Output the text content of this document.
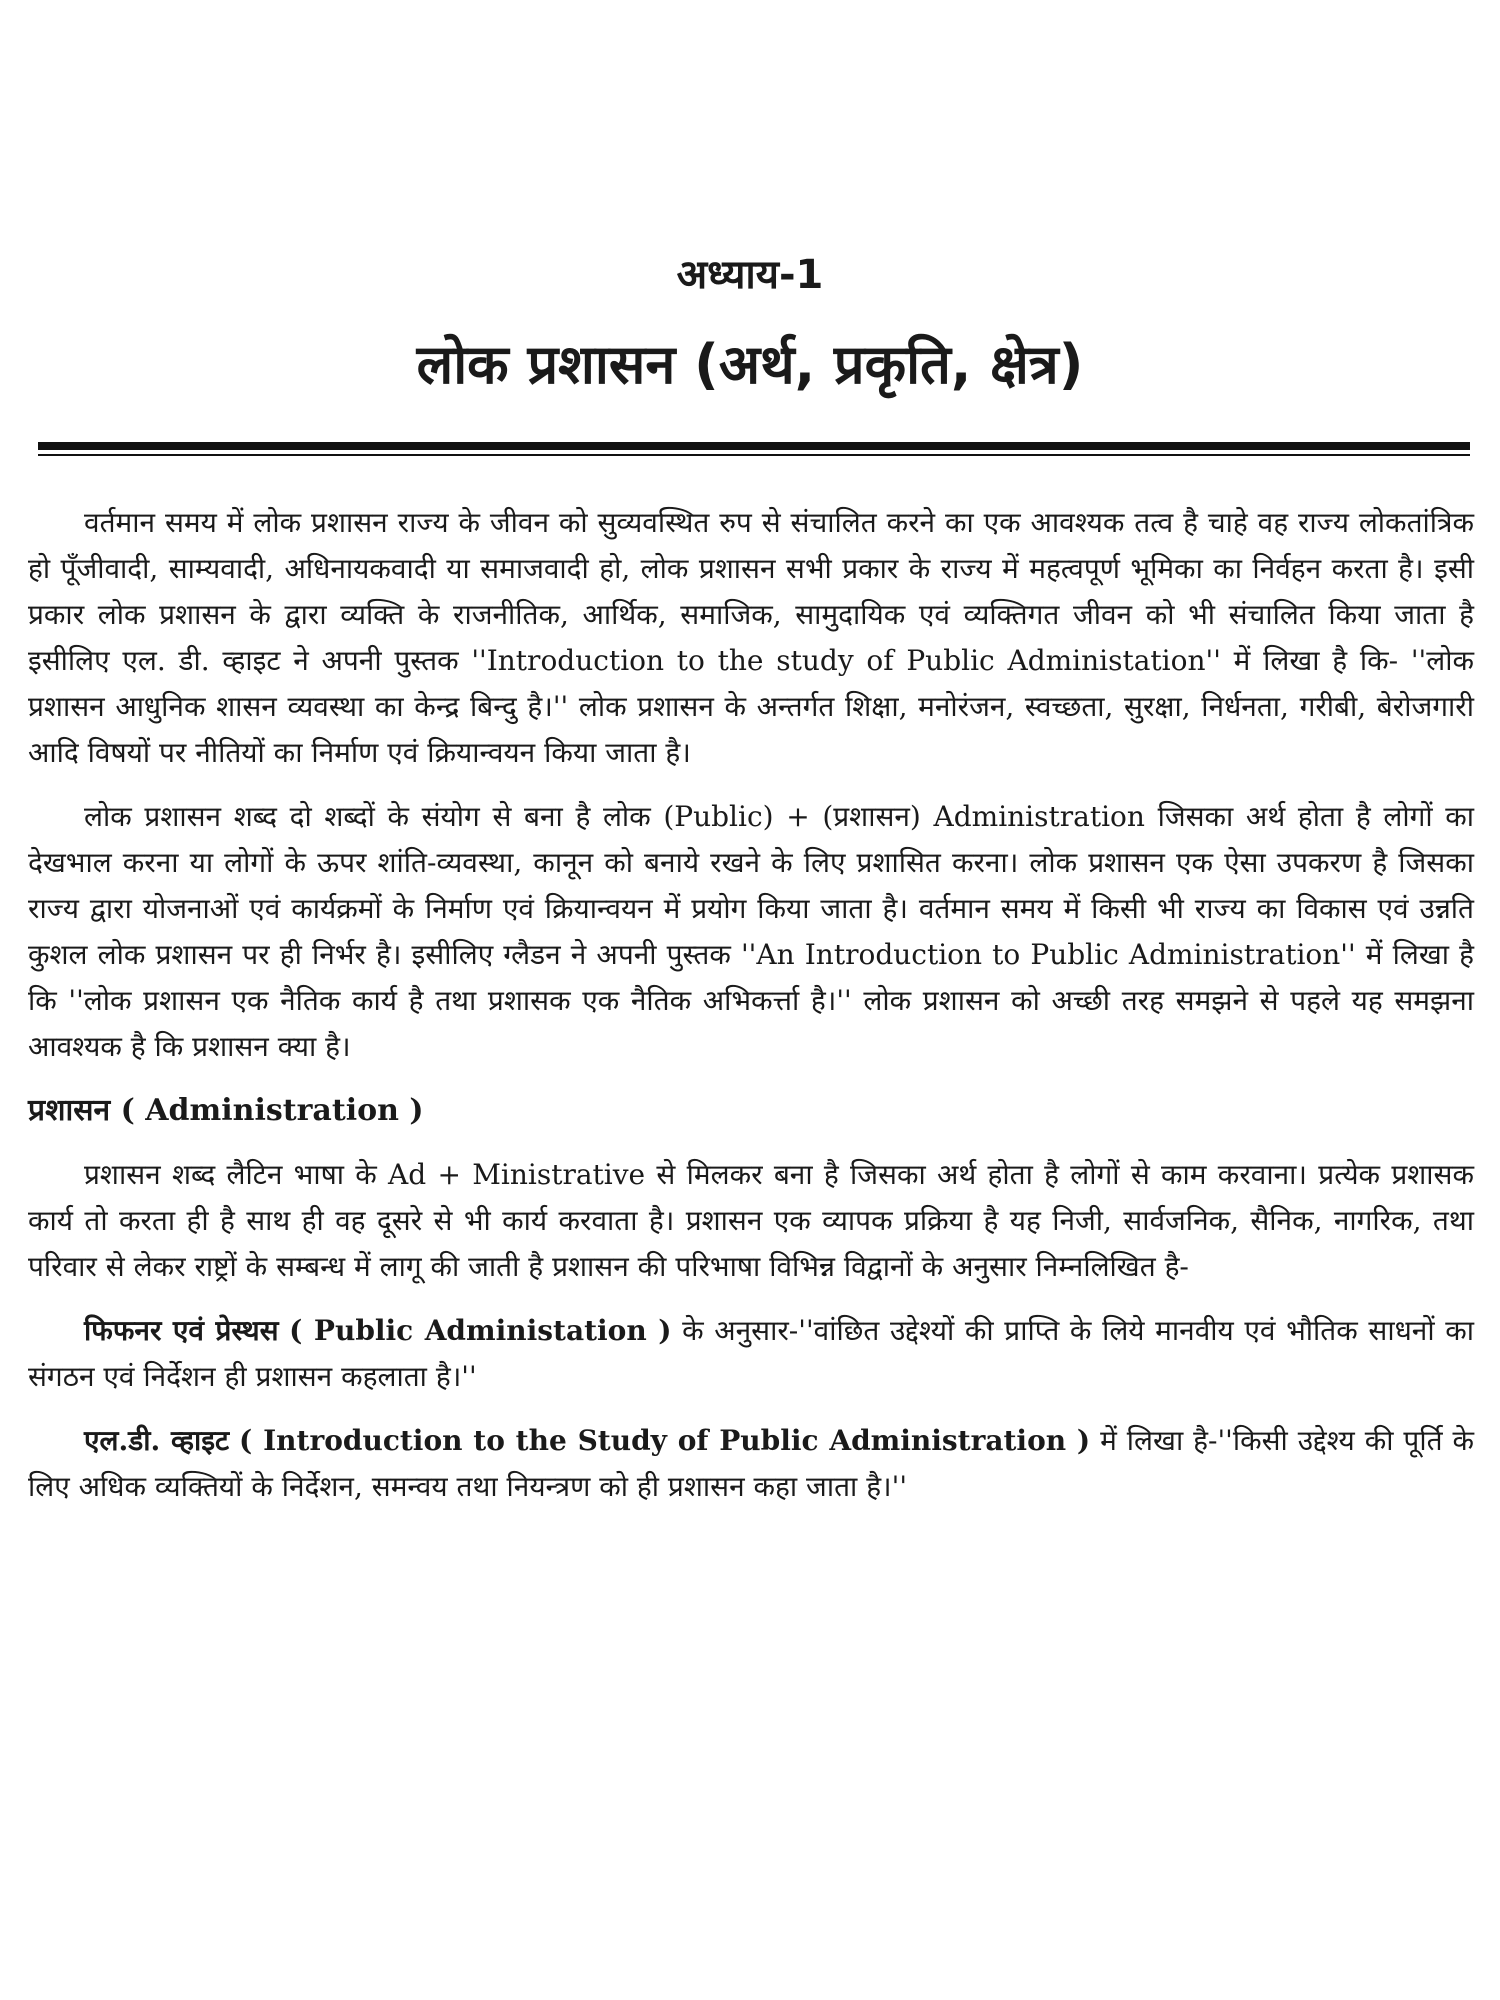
अध्याय-1
लोक प्रशासन (अर्थ, प्रकृति, क्षेत्र)

वर्तमान समय में लोक प्रशासन राज्य के जीवन को सुव्यवस्थित रुप से संचालित करने का एक आवश्यक तत्व है चाहे वह राज्य लोकतांत्रिक हो पूँजीवादी, साम्यवादी, अधिनायकवादी या समाजवादी हो, लोक प्रशासन सभी प्रकार के राज्य में महत्वपूर्ण भूमिका का निर्वहन करता है। इसी प्रकार लोक प्रशासन के द्वारा व्यक्ति के राजनीतिक, आर्थिक, समाजिक, सामुदायिक एवं व्यक्तिगत जीवन को भी संचालित किया जाता है इसीलिए एल. डी. व्हाइट ने अपनी पुस्तक ''Introduction to the study of Public Administation'' में लिखा है कि- ''लोक प्रशासन आधुनिक शासन व्यवस्था का केन्द्र बिन्दु है।'' लोक प्रशासन के अन्तर्गत शिक्षा, मनोरंजन, स्वच्छता, सुरक्षा, निर्धनता, गरीबी, बेरोजगारी आदि विषयों पर नीतियों का निर्माण एवं क्रियान्वयन किया जाता है।

लोक प्रशासन शब्द दो शब्दों के संयोग से बना है लोक (Public) + (प्रशासन) Administration जिसका अर्थ होता है लोगों का देखभाल करना या लोगों के ऊपर शांति-व्यवस्था, कानून को बनाये रखने के लिए प्रशासित करना। लोक प्रशासन एक ऐसा उपकरण है जिसका राज्य द्वारा योजनाओं एवं कार्यक्रमों के निर्माण एवं क्रियान्वयन में प्रयोग किया जाता है। वर्तमान समय में किसी भी राज्य का विकास एवं उन्नति कुशल लोक प्रशासन पर ही निर्भर है। इसीलिए ग्लैडन ने अपनी पुस्तक ''An Introduction to Public Administration'' में लिखा है कि ''लोक प्रशासन एक नैतिक कार्य है तथा प्रशासक एक नैतिक अभिकर्त्ता है।'' लोक प्रशासन को अच्छी तरह समझने से पहले यह समझना आवश्यक है कि प्रशासन क्या है।

प्रशासन ( Administration )

प्रशासन शब्द लैटिन भाषा के Ad + Ministrative से मिलकर बना है जिसका अर्थ होता है लोगों से काम करवाना। प्रत्येक प्रशासक कार्य तो करता ही है साथ ही वह दूसरे से भी कार्य करवाता है। प्रशासन एक व्यापक प्रक्रिया है यह निजी, सार्वजनिक, सैनिक, नागरिक, तथा परिवार से लेकर राष्ट्रों के सम्बन्ध में लागू की जाती है प्रशासन की परिभाषा विभिन्न विद्वानों के अनुसार निम्नलिखित है-

फिफनर एवं प्रेस्थस ( Public Administation ) के अनुसार-''वांछित उद्देश्यों की प्राप्ति के लिये मानवीय एवं भौतिक साधनों का संगठन एवं निर्देशन ही प्रशासन कहलाता है।''

एल.डी. व्हाइट ( Introduction to the Study of Public Administration ) में लिखा है-''किसी उद्देश्य की पूर्ति के लिए अधिक व्यक्तियों के निर्देशन, समन्वय तथा नियन्त्रण को ही प्रशासन कहा जाता है।''
